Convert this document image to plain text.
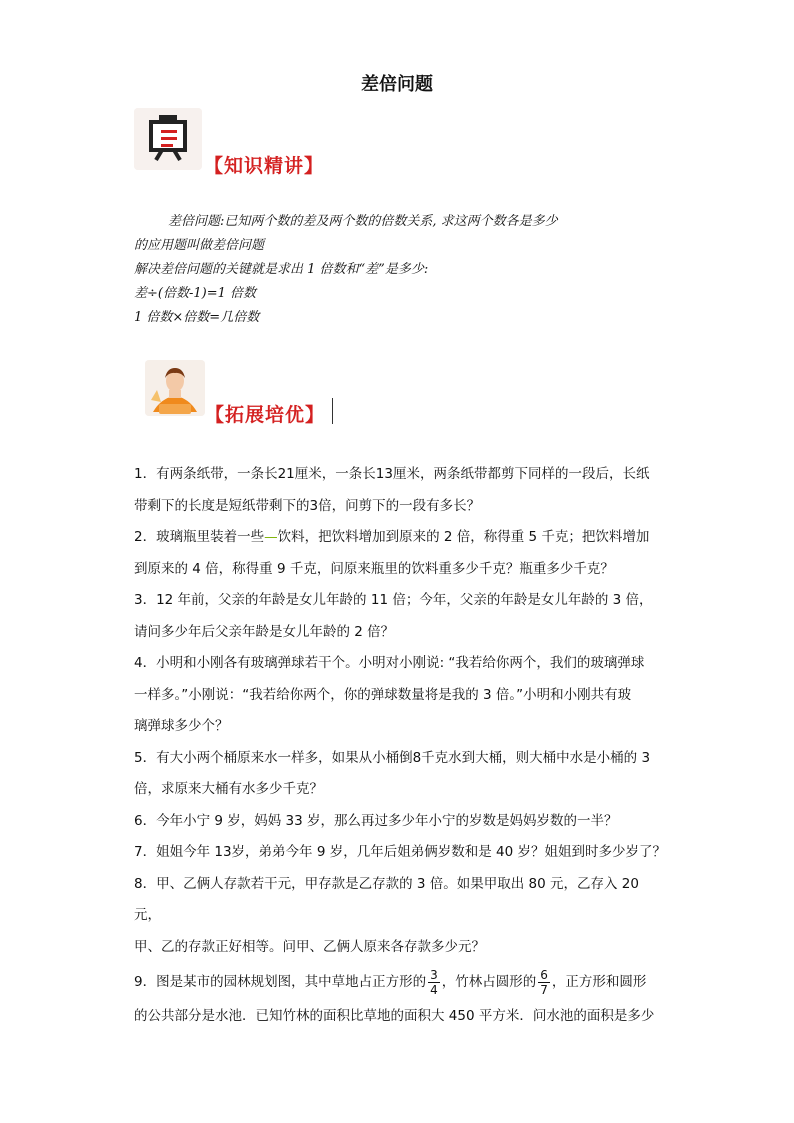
差倍问题
【知识精讲】

差倍问题:已知两个数的差及两个数的倍数关系, 求这两个数各是多少

的应用题叫做差倍问题

解决差倍问题的关键就是求出 1 倍数和“差”是多少:

差÷(倍数-1)=1 倍数

1 倍数×倍数=几倍数

【拓展培优】

1．有两条纸带，一条长21厘米，一条长13厘米，两条纸带都剪下同样的一段后，长纸

带剩下的长度是短纸带剩下的3倍，问剪下的一段有多长？

2．玻璃瓶里装着一些—饮料，把饮料增加到原来的 2 倍，称得重 5 千克；把饮料增加

到原来的 4 倍，称得重 9 千克，问原来瓶里的饮料重多少千克？瓶重多少千克？

3．12 年前，父亲的年龄是女儿年龄的 11 倍；今年，父亲的年龄是女儿年龄的 3 倍，

请问多少年后父亲年龄是女儿年龄的 2 倍？

4．小明和小刚各有玻璃弹球若干个。小明对小刚说: “我若给你两个，我们的玻璃弹球

一样多。”小刚说：“我若给你两个，你的弹球数量将是我的 3 倍。”小明和小刚共有玻

璃弹球多少个？

5．有大小两个桶原来水一样多，如果从小桶倒8千克水到大桶，则大桶中水是小桶的 3

倍，求原来大桶有水多少千克？

6．今年小宁 9 岁，妈妈 33 岁，那么再过多少年小宁的岁数是妈妈岁数的一半？

7．姐姐今年 13岁，弟弟今年 9 岁，几年后姐弟俩岁数和是 40 岁？姐姐到时多少岁了？

8．甲、乙俩人存款若干元，甲存款是乙存款的 3 倍。如果甲取出 80 元，乙存入 20 元，

甲、乙的存款正好相等。问甲、乙俩人原来各存款多少元？

9．图是某市的园林规划图，其中草地占正方形的 $\frac{3}{4}$ ，竹林占圆形的 $\frac{6}{7}$ ，正方形和圆形

的公共部分是水池．已知竹林的面积比草地的面积大 450 平方米．问水池的面积是多少
